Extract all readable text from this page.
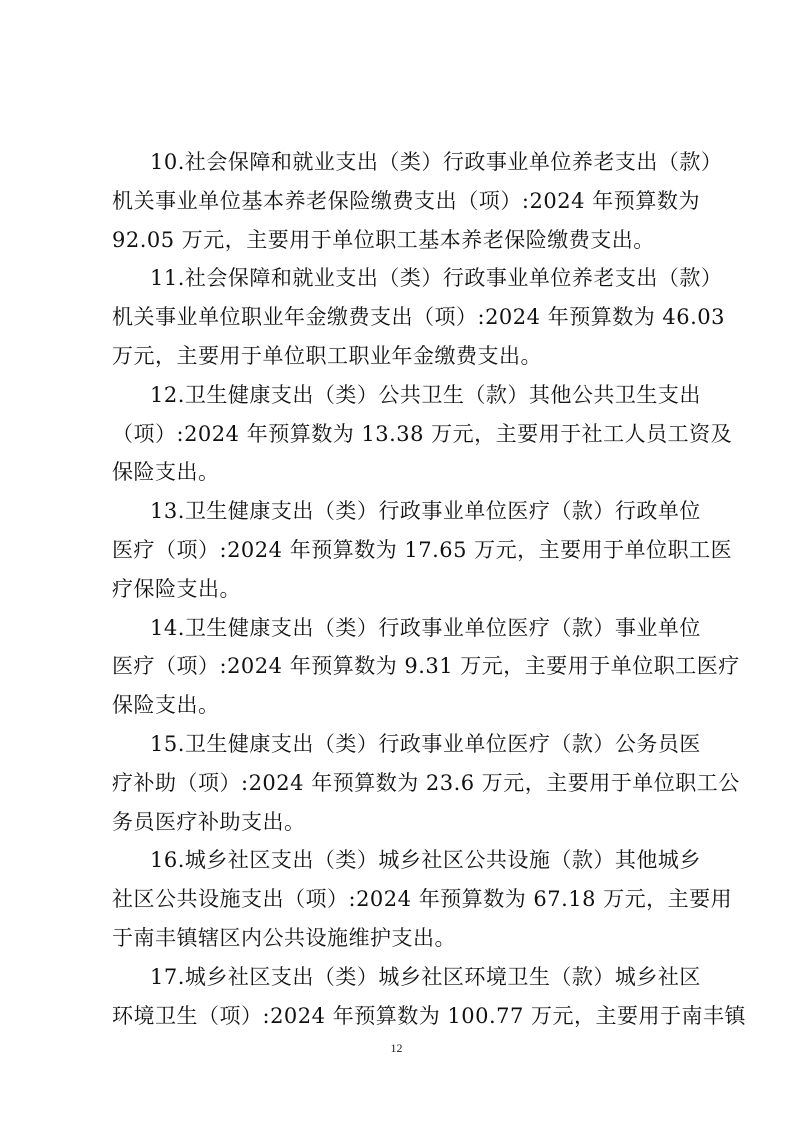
10.社会保障和就业支出（类）行政事业单位养老支出（款）
机关事业单位基本养老保险缴费支出（项）:2024 年预算数为
92.05 万元，主要用于单位职工基本养老保险缴费支出。
11.社会保障和就业支出（类）行政事业单位养老支出（款）
机关事业单位职业年金缴费支出（项）:2024 年预算数为 46.03
万元，主要用于单位职工职业年金缴费支出。
12.卫生健康支出（类）公共卫生（款）其他公共卫生支出
（项）:2024 年预算数为 13.38 万元，主要用于社工人员工资及
保险支出。
13.卫生健康支出（类）行政事业单位医疗（款）行政单位
医疗（项）:2024 年预算数为 17.65 万元，主要用于单位职工医
疗保险支出。
14.卫生健康支出（类）行政事业单位医疗（款）事业单位
医疗（项）:2024 年预算数为 9.31 万元，主要用于单位职工医疗
保险支出。
15.卫生健康支出（类）行政事业单位医疗（款）公务员医
疗补助（项）:2024 年预算数为 23.6 万元，主要用于单位职工公
务员医疗补助支出。
16.城乡社区支出（类）城乡社区公共设施（款）其他城乡
社区公共设施支出（项）:2024 年预算数为 67.18 万元，主要用
于南丰镇辖区内公共设施维护支出。
17.城乡社区支出（类）城乡社区环境卫生（款）城乡社区
环境卫生（项）:2024 年预算数为 100.77 万元，主要用于南丰镇
12
